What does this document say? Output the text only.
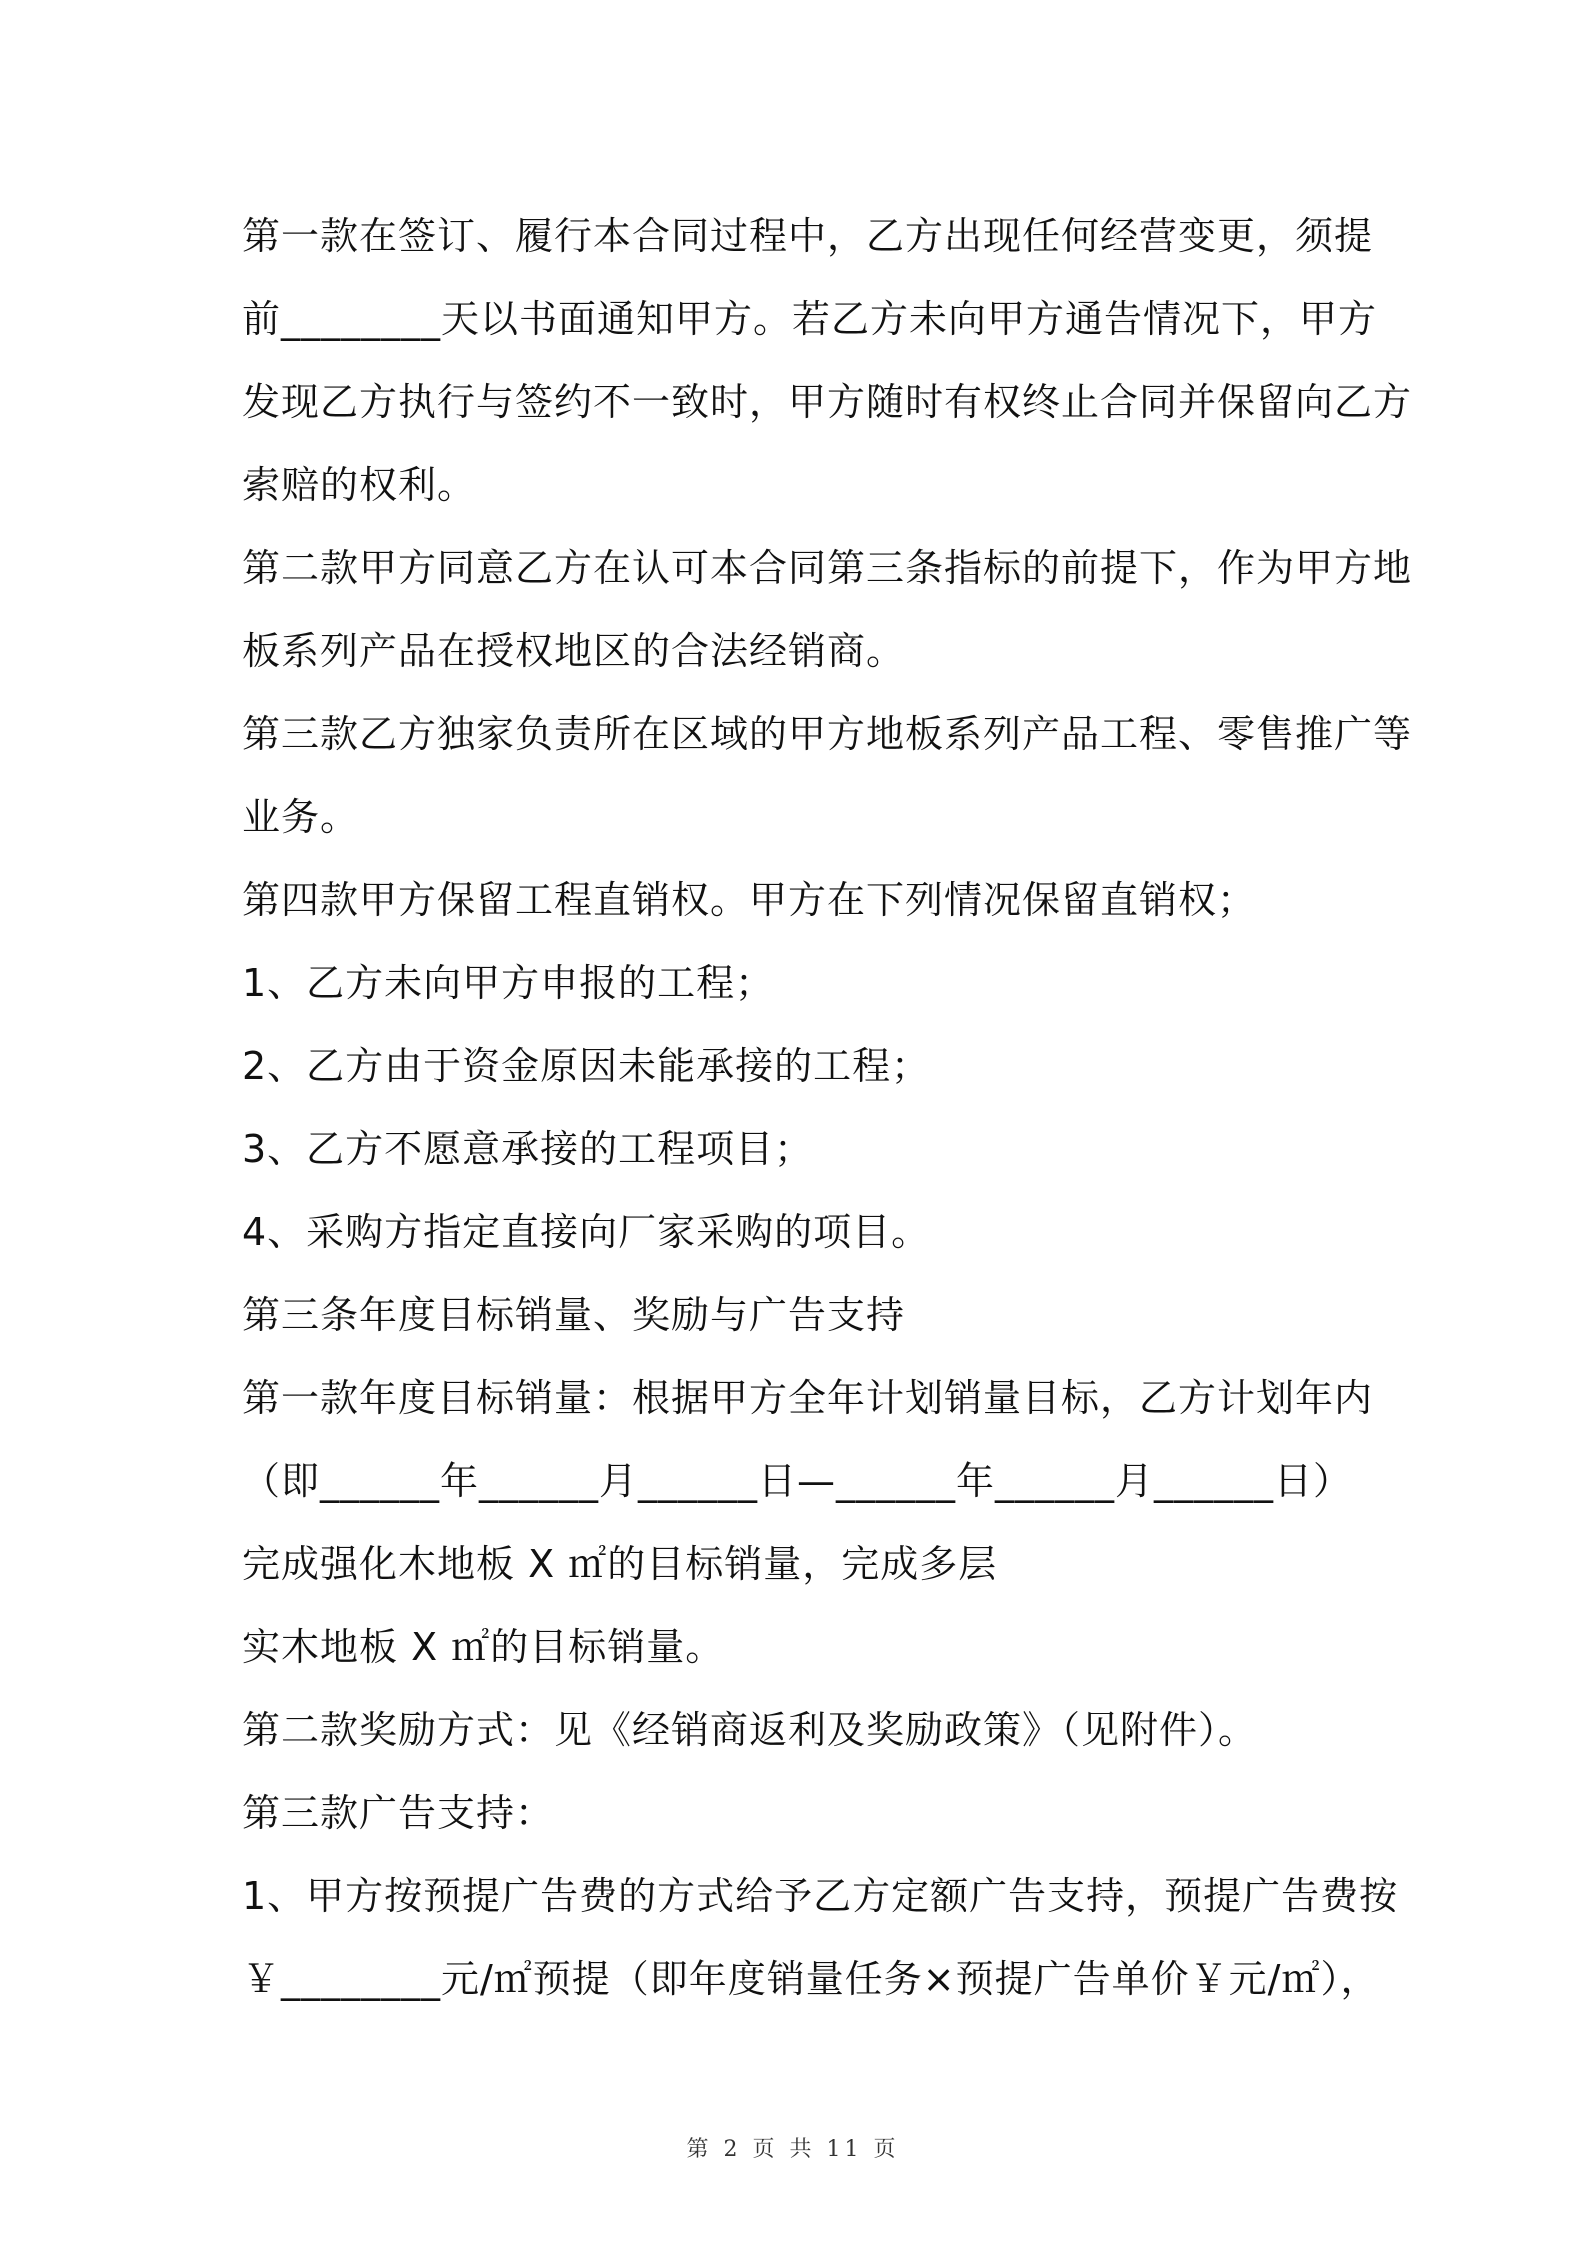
第一款在签订、履行本合同过程中，乙方出现任何经营变更，须提
前________天以书面通知甲方。若乙方未向甲方通告情况下，甲方
发现乙方执行与签约不一致时，甲方随时有权终止合同并保留向乙方
索赔的权利。
第二款甲方同意乙方在认可本合同第三条指标的前提下，作为甲方地
板系列产品在授权地区的合法经销商。
第三款乙方独家负责所在区域的甲方地板系列产品工程、零售推广等
业务。
第四款甲方保留工程直销权。甲方在下列情况保留直销权；
1、乙方未向甲方申报的工程；
2、乙方由于资金原因未能承接的工程；
3、乙方不愿意承接的工程项目；
4、采购方指定直接向厂家采购的项目。
第三条年度目标销量、奖励与广告支持
第一款年度目标销量：根据甲方全年计划销量目标，乙方计划年内
（即______年______月______日—______年______月______日）
完成强化木地板 X ㎡的目标销量，完成多层
实木地板 X ㎡的目标销量。
第二款奖励方式：见《经销商返利及奖励政策》（见附件）。
第三款广告支持：
1、甲方按预提广告费的方式给予乙方定额广告支持，预提广告费按
￥________元/㎡预提（即年度销量任务×预提广告单价￥元/㎡），
第 2 页 共 11 页
